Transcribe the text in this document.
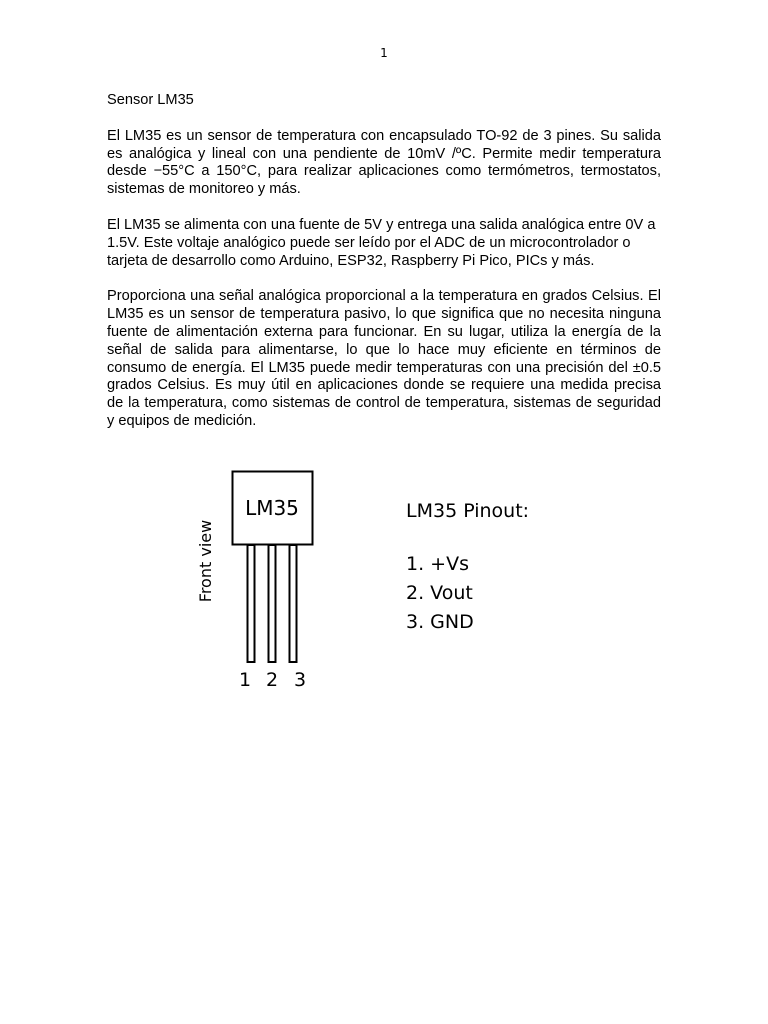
1
Sensor LM35

El LM35 es un sensor de temperatura con encapsulado TO-92 de 3 pines. Su salida es analógica y lineal con una pendiente de 10mV /ºC. Permite medir temperatura desde −55°C a 150°C, para realizar aplicaciones como termómetros, termostatos, sistemas de monitoreo y más.

El LM35 se alimenta con una fuente de 5V y entrega una salida analógica entre 0V a 1.5V. Este voltaje analógico puede ser leído por el ADC de un microcontrolador o tarjeta de desarrollo como Arduino, ESP32, Raspberry Pi Pico, PICs y más.

Proporciona una señal analógica proporcional a la temperatura en grados Celsius. El LM35 es un sensor de temperatura pasivo, lo que significa que no necesita ninguna fuente de alimentación externa para funcionar. En su lugar, utiliza la energía de la señal de salida para alimentarse, lo que lo hace muy eficiente en términos de consumo de energía. El LM35 puede medir temperaturas con una precisión del ±0.5 grados Celsius. Es muy útil en aplicaciones donde se requiere una medida precisa de la temperatura, como sistemas de control de temperatura, sistemas de seguridad y equipos de medición.

LM35
1 2 3
Front view
LM35 Pinout:
1. +Vs
2. Vout
3. GND
